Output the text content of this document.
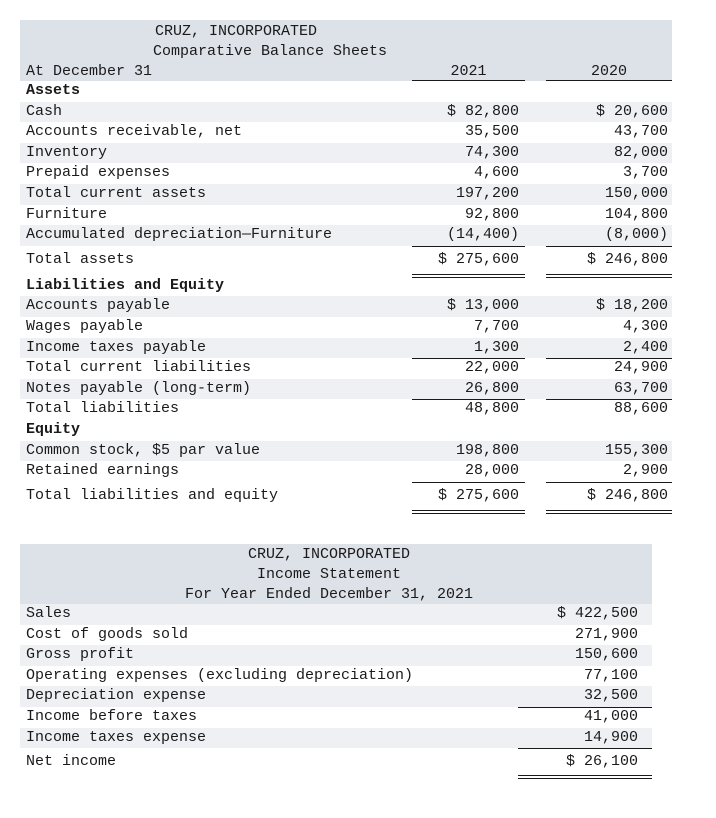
CRUZ, INCORPORATED
Comparative Balance Sheets
At December 31	2021	2020
Assets
Cash	$ 82,800	$ 20,600
Accounts receivable, net	35,500	43,700
Inventory	74,300	82,000
Prepaid expenses	4,600	3,700
Total current assets	197,200	150,000
Furniture	92,800	104,800
Accumulated depreciation—Furniture	(14,400)	(8,000)
Total assets	$ 275,600	$ 246,800
Liabilities and Equity
Accounts payable	$ 13,000	$ 18,200
Wages payable	7,700	4,300
Income taxes payable	1,300	2,400
Total current liabilities	22,000	24,900
Notes payable (long-term)	26,800	63,700
Total liabilities	48,800	88,600
Equity
Common stock, $5 par value	198,800	155,300
Retained earnings	28,000	2,900
Total liabilities and equity	$ 275,600	$ 246,800
CRUZ, INCORPORATED
Income Statement
For Year Ended December 31, 2021
Sales	$ 422,500
Cost of goods sold	271,900
Gross profit	150,600
Operating expenses (excluding depreciation)	77,100
Depreciation expense	32,500
Income before taxes	41,000
Income taxes expense	14,900
Net income	$ 26,100
